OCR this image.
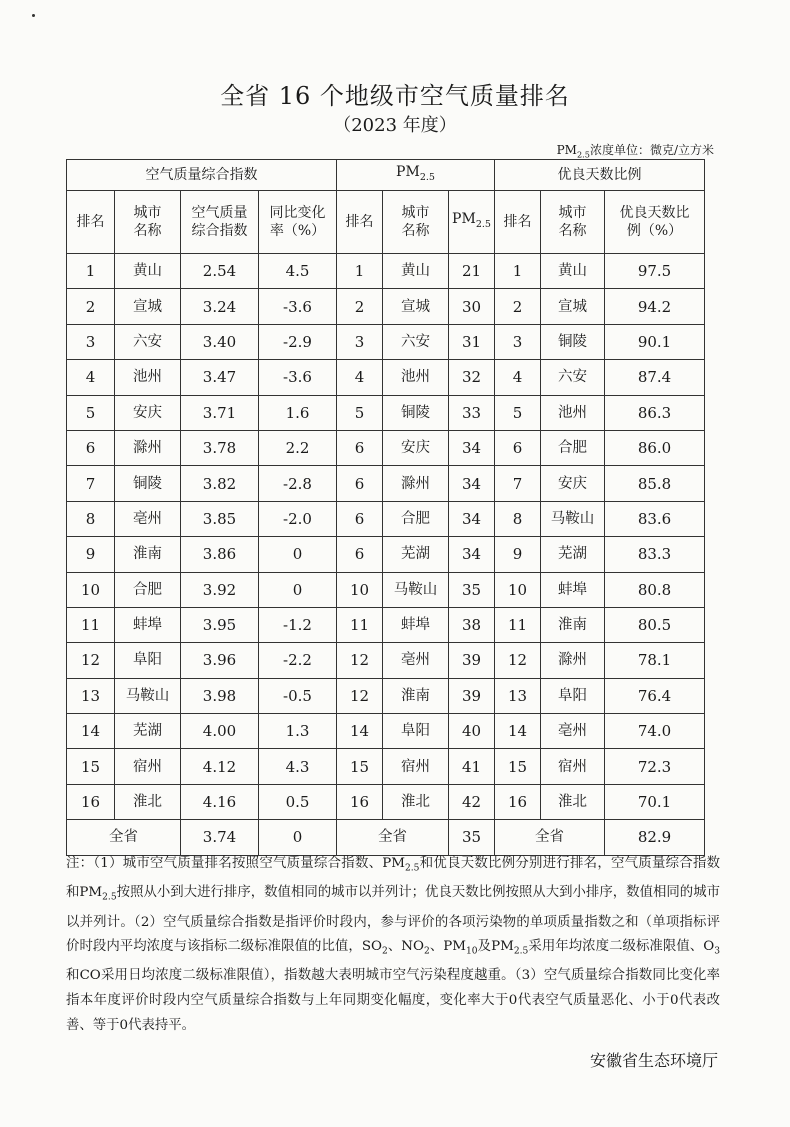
全省 16 个地级市空气质量排名
（2023 年度）
$PM_{2.5}$浓度单位：微克/立方米
空气质量综合指数				$PM_{2.5}$			优良天数比例		
排名	城市名称	空气质量综合指数	同比变化率（%）	排名	城市名称	$PM_{2.5}$	排名	城市名称	优良天数比例（%）
1	黄山	2.54	4.5	1	黄山	21	1	黄山	97.5
2	宣城	3.24	-3.6	2	宣城	30	2	宣城	94.2
3	六安	3.40	-2.9	3	六安	31	3	铜陵	90.1
4	池州	3.47	-3.6	4	池州	32	4	六安	87.4
5	安庆	3.71	1.6	5	铜陵	33	5	池州	86.3
6	滁州	3.78	2.2	6	安庆	34	6	合肥	86.0
7	铜陵	3.82	-2.8	6	滁州	34	7	安庆	85.8
8	亳州	3.85	-2.0	6	合肥	34	8	马鞍山	83.6
9	淮南	3.86	0	6	芜湖	34	9	芜湖	83.3
10	合肥	3.92	0	10	马鞍山	35	10	蚌埠	80.8
11	蚌埠	3.95	-1.2	11	蚌埠	38	11	淮南	80.5
12	阜阳	3.96	-2.2	12	亳州	39	12	滁州	78.1
13	马鞍山	3.98	-0.5	12	淮南	39	13	阜阳	76.4
14	芜湖	4.00	1.3	14	阜阳	40	14	亳州	74.0
15	宿州	4.12	4.3	15	宿州	41	15	宿州	72.3
16	淮北	4.16	0.5	16	淮北	42	16	淮北	70.1
全省		3.74	0	全省		35	全省		82.9
注：（1）城市空气质量排名按照空气质量综合指数、$PM_{2.5}$和优良天数比例分别进行排名，空气质量综合指数和$PM_{2.5}$按照从小到大进行排序，数值相同的城市以并列计；优良天数比例按照从大到小排序，数值相同的城市以并列计。（2）空气质量综合指数是指评价时段内，参与评价的各项污染物的单项质量指数之和（单项指标评价时段内平均浓度与该指标二级标准限值的比值，$SO_2$、$NO_2$、$PM_{10}$及$PM_{2.5}$采用年均浓度二级标准限值、$O_3$和CO采用日均浓度二级标准限值），指数越大表明城市空气污染程度越重。（3）空气质量综合指数同比变化率指本年度评价时段内空气质量综合指数与上年同期变化幅度，变化率大于0代表空气质量恶化、小于0代表改善、等于0代表持平。
安徽省生态环境厅
